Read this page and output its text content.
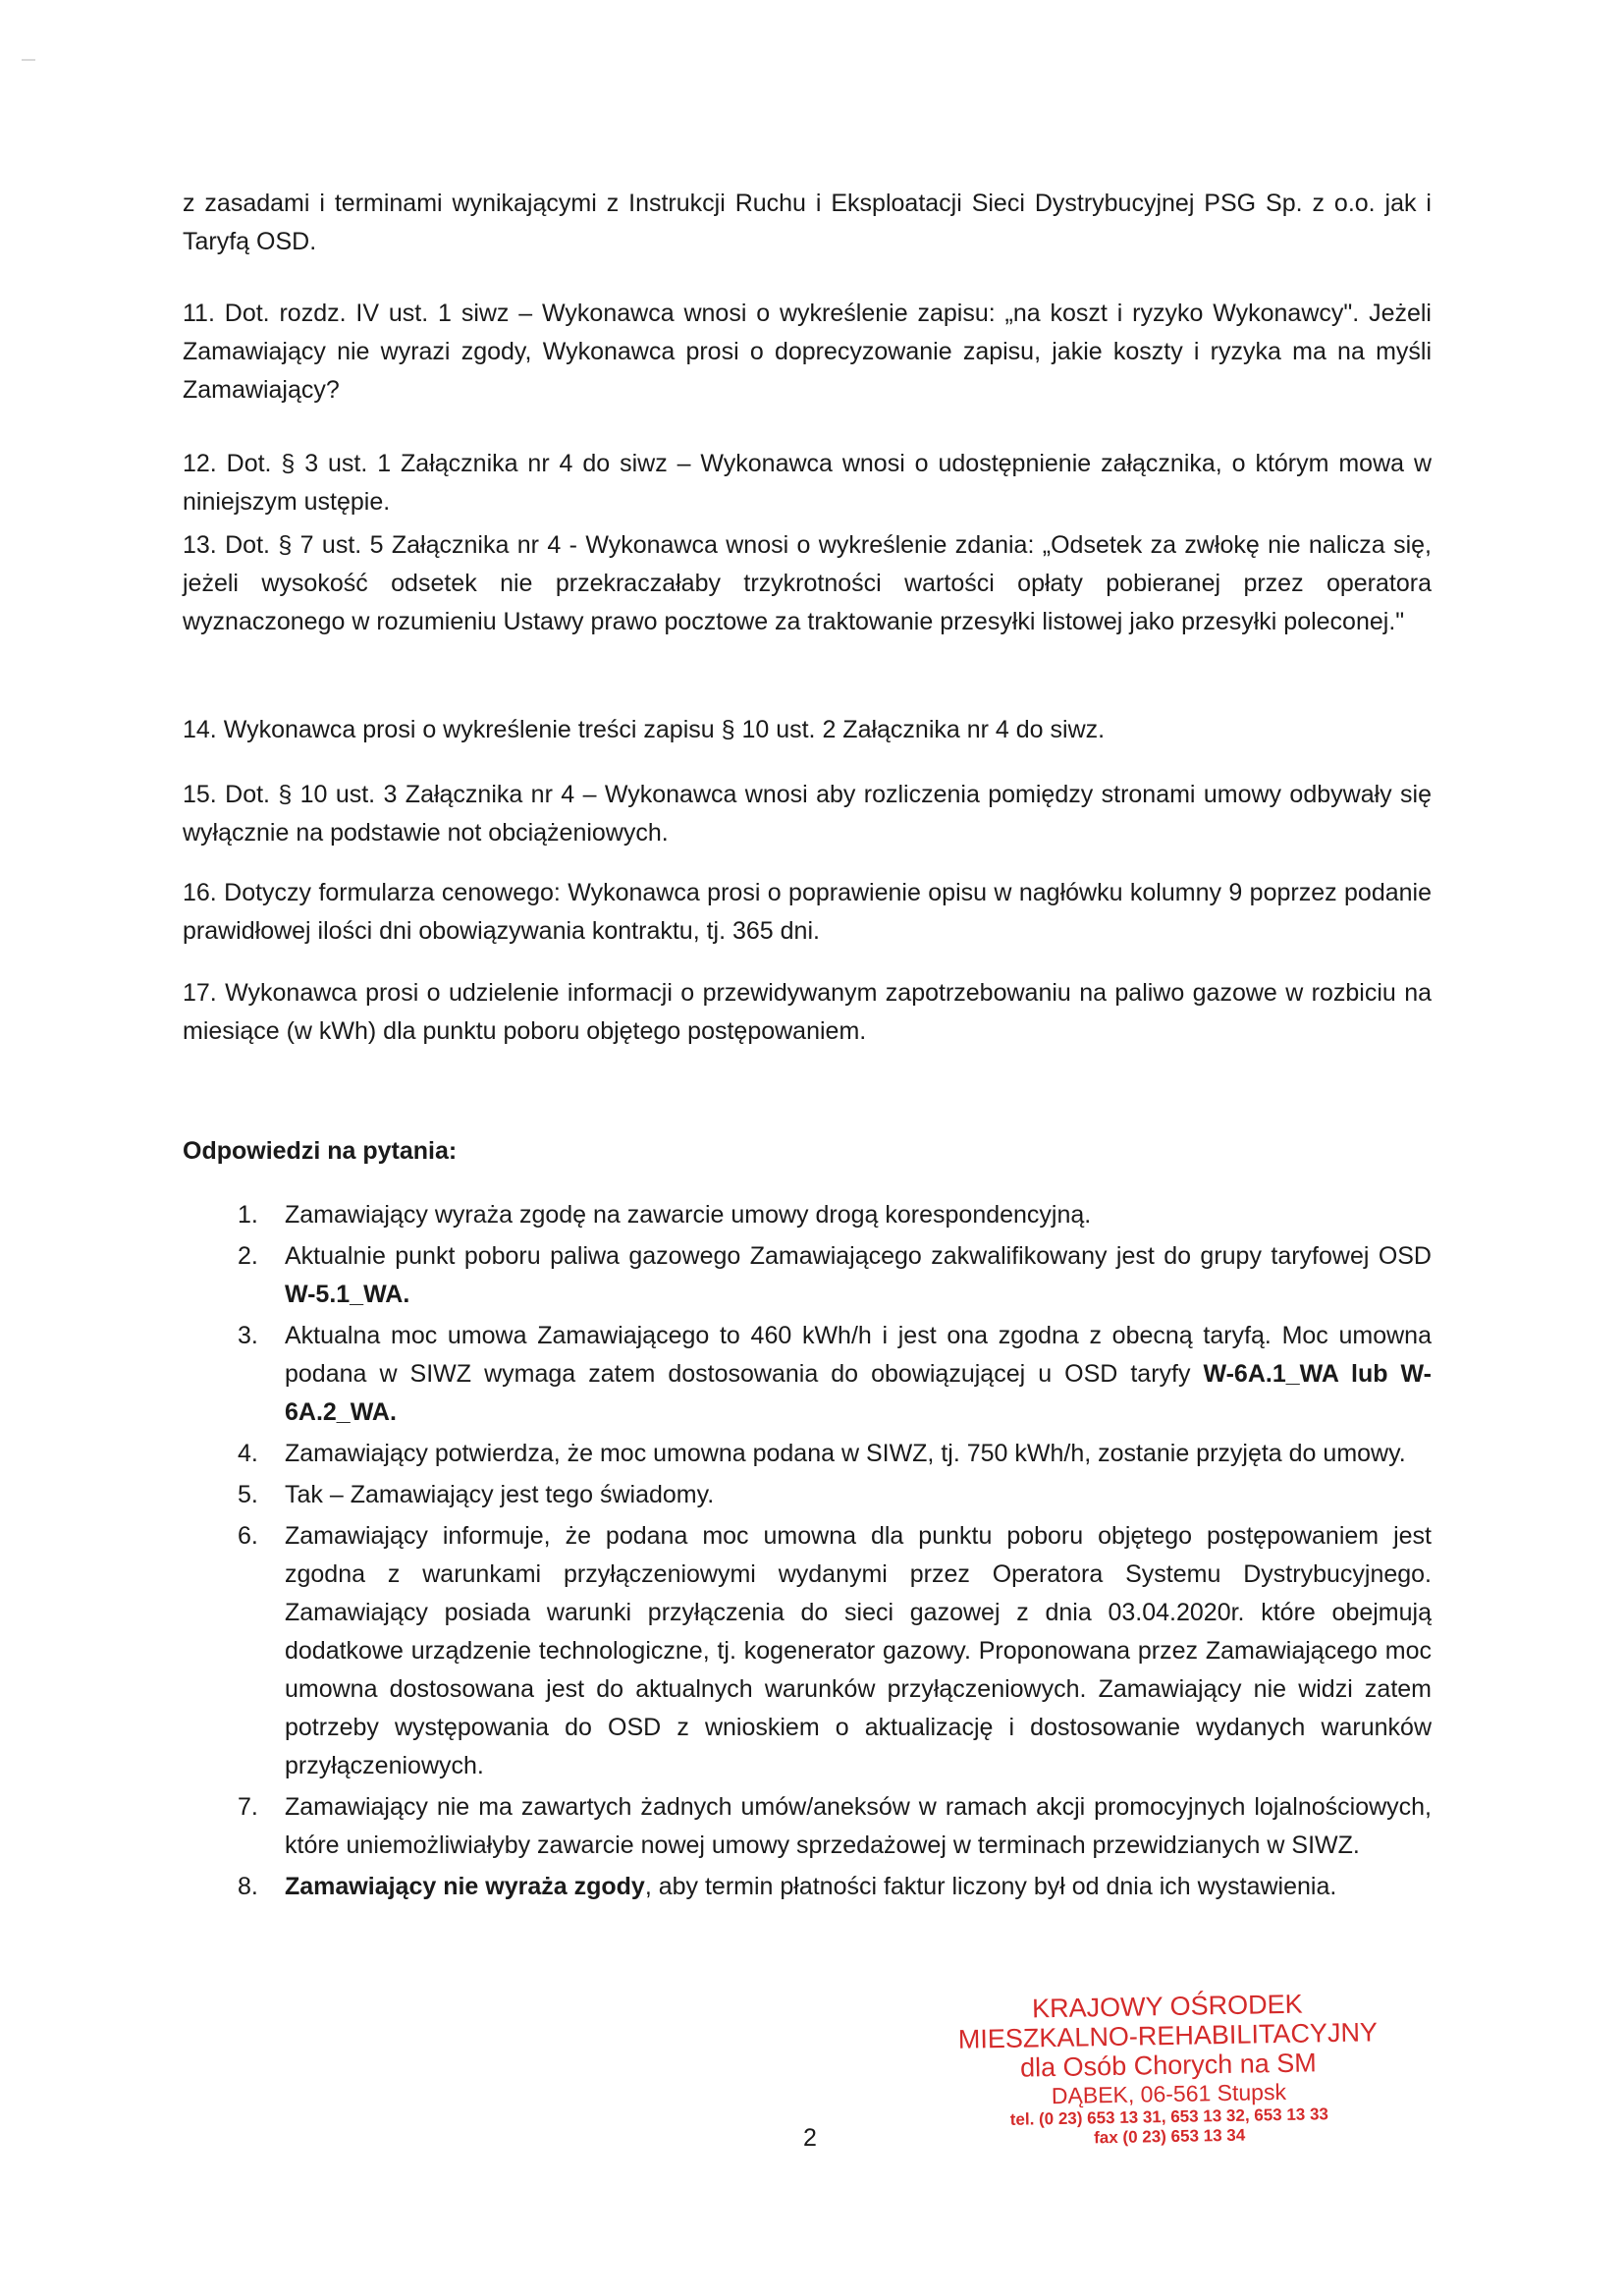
z zasadami i terminami wynikającymi z Instrukcji Ruchu i Eksploatacji Sieci Dystrybucyjnej PSG Sp. z o.o. jak i Taryfą OSD.

11. Dot. rozdz. IV ust. 1 siwz – Wykonawca wnosi o wykreślenie zapisu: „na koszt i ryzyko Wykonawcy". Jeżeli Zamawiający nie wyrazi zgody, Wykonawca prosi o doprecyzowanie zapisu, jakie koszty i ryzyka ma na myśli Zamawiający?

12. Dot. § 3 ust. 1 Załącznika nr 4 do siwz – Wykonawca wnosi o udostępnienie załącznika, o którym mowa w niniejszym ustępie.

13. Dot. § 7 ust. 5 Załącznika nr 4 - Wykonawca wnosi o wykreślenie zdania: „Odsetek za zwłokę nie nalicza się, jeżeli wysokość odsetek nie przekraczałaby trzykrotności wartości opłaty pobieranej przez operatora wyznaczonego w rozumieniu Ustawy prawo pocztowe za traktowanie przesyłki listowej jako przesyłki poleconej."

14. Wykonawca prosi o wykreślenie treści zapisu § 10 ust. 2 Załącznika nr 4 do siwz.

15. Dot. § 10 ust. 3 Załącznika nr 4 – Wykonawca wnosi aby rozliczenia pomiędzy stronami umowy odbywały się wyłącznie na podstawie not obciążeniowych.

16. Dotyczy formularza cenowego: Wykonawca prosi o poprawienie opisu w nagłówku kolumny 9 poprzez podanie prawidłowej ilości dni obowiązywania kontraktu, tj. 365 dni.

17. Wykonawca prosi o udzielenie informacji o przewidywanym zapotrzebowaniu na paliwo gazowe w rozbiciu na miesiące (w kWh) dla punktu poboru objętego postępowaniem.

Odpowiedzi na pytania:

1. Zamawiający wyraża zgodę na zawarcie umowy drogą korespondencyjną.
2. Aktualnie punkt poboru paliwa gazowego Zamawiającego zakwalifikowany jest do grupy taryfowej OSD W-5.1_WA.
3. Aktualna moc umowa Zamawiającego to 460 kWh/h i jest ona zgodna z obecną taryfą. Moc umowna podana w SIWZ wymaga zatem dostosowania do obowiązującej u OSD taryfy W-6A.1_WA lub W-6A.2_WA.
4. Zamawiający potwierdza, że moc umowna podana w SIWZ, tj. 750 kWh/h, zostanie przyjęta do umowy.
5. Tak – Zamawiający jest tego świadomy.
6. Zamawiający informuje, że podana moc umowna dla punktu poboru objętego postępowaniem jest zgodna z warunkami przyłączeniowymi wydanymi przez Operatora Systemu Dystrybucyjnego. Zamawiający posiada warunki przyłączenia do sieci gazowej z dnia 03.04.2020r. które obejmują dodatkowe urządzenie technologiczne, tj. kogenerator gazowy. Proponowana przez Zamawiającego moc umowna dostosowana jest do aktualnych warunków przyłączeniowych. Zamawiający nie widzi zatem potrzeby występowania do OSD z wnioskiem o aktualizację i dostosowanie wydanych warunków przyłączeniowych.
7. Zamawiający nie ma zawartych żadnych umów/aneksów w ramach akcji promocyjnych lojalnościowych, które uniemożliwiałyby zawarcie nowej umowy sprzedażowej w terminach przewidzianych w SIWZ.
8. Zamawiający nie wyraża zgody, aby termin płatności faktur liczony był od dnia ich wystawienia.
KRAJOWY OŚRODEK
MIESZKALNO-REHABILITACYJNY
dla Osób Chorych na SM
DĄBEK, 06-561 Stupsk
tel. (0 23) 653 13 31, 653 13 32, 653 13 33
fax (0 23) 653 13 34

2
